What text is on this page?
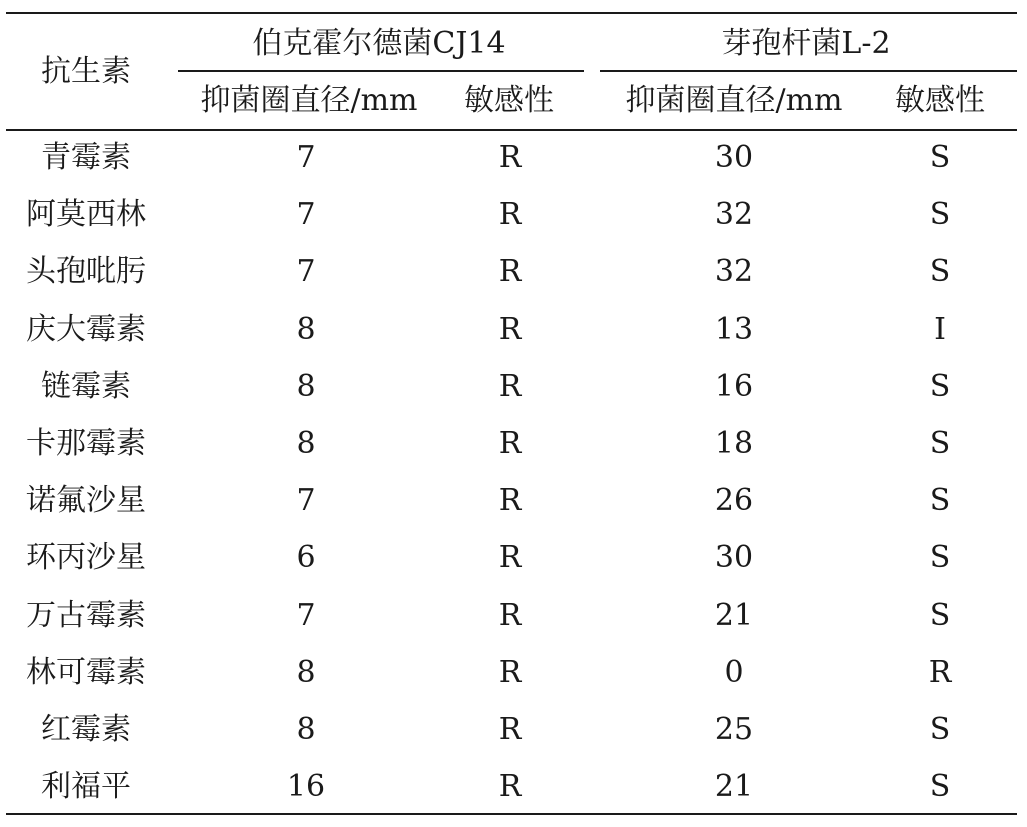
抗生素
伯克霍尔德菌CJ14	芽孢杆菌L-2
抑菌圈直径/mm 敏感性 抑菌圈直径/mm 敏感性
青霉素	7	R	30	S
阿莫西林	7	R	32	S
头孢吡肟	7	R	32	S
庆大霉素	8	R	13	I
链霉素	8	R	16	S
卡那霉素	8	R	18	S
诺氟沙星	7	R	26	S
环丙沙星	6	R	30	S
万古霉素	7	R	21	S
林可霉素	8	R	0	R
红霉素	8	R	25	S
利福平	16	R	21	S
